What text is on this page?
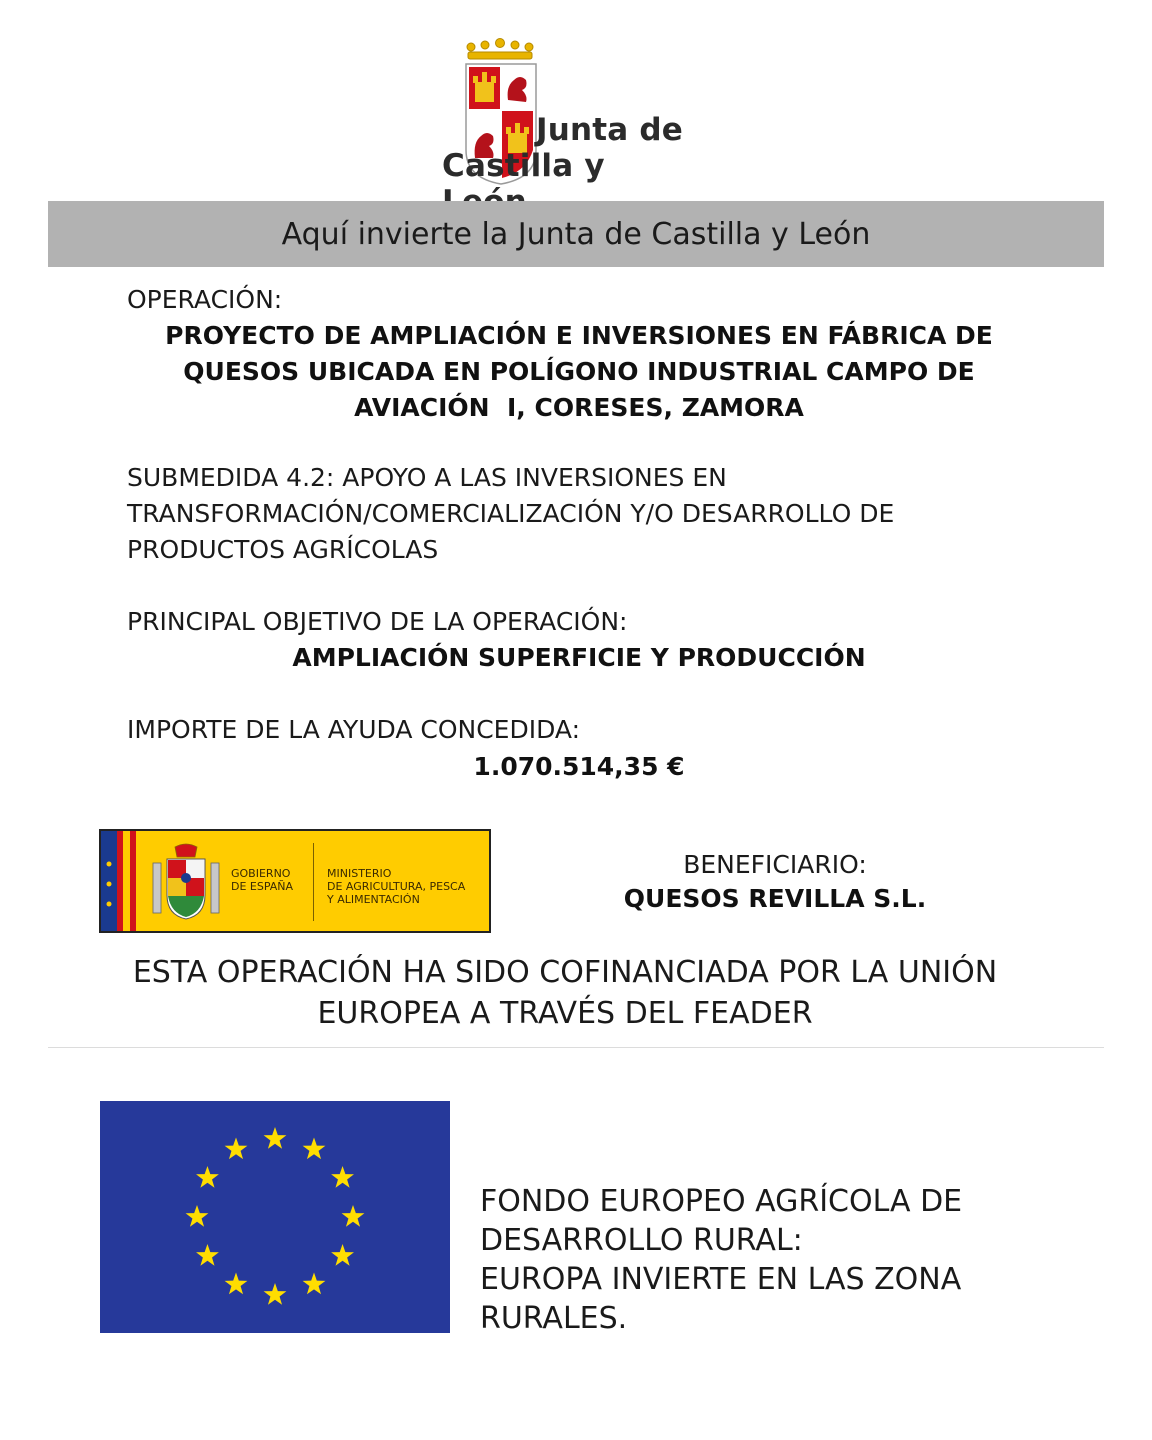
Junta de
Castilla y
Aquí invierte la Junta de Castilla y León
OPERACIÓN:
PROYECTO DE AMPLIACIÓN E INVERSIONES EN FÁBRICA DE
QUESOS UBICADA EN POLÍGONO INDUSTRIAL CAMPO DE
AVIACIÓN  I, CORESES, ZAMORA
SUBMEDIDA 4.2: APOYO A LAS INVERSIONES EN
TRANSFORMACIÓN/COMERCIALIZACIÓN Y/O DESARROLLO DE
PRODUCTOS AGRÍCOLAS
PRINCIPAL OBJETIVO DE LA OPERACIÓN:
AMPLIACIÓN SUPERFICIE Y PRODUCCIÓN
IMPORTE DE LA AYUDA CONCEDIDA:
1.070.514,35 €
GOBIERNO
DE ESPAÑA
MINISTERIO
DE AGRICULTURA, PESCA
Y ALIMENTACIÓN
BENEFICIARIO:
QUESOS REVILLA S.L.
ESTA OPERACIÓN HA SIDO COFINANCIADA POR LA UNIÓN
EUROPEA A TRAVÉS DEL FEADER
FONDO EUROPEO AGRÍCOLA DE
DESARROLLO RURAL:
EUROPA INVIERTE EN LAS ZONA
RURALES.
